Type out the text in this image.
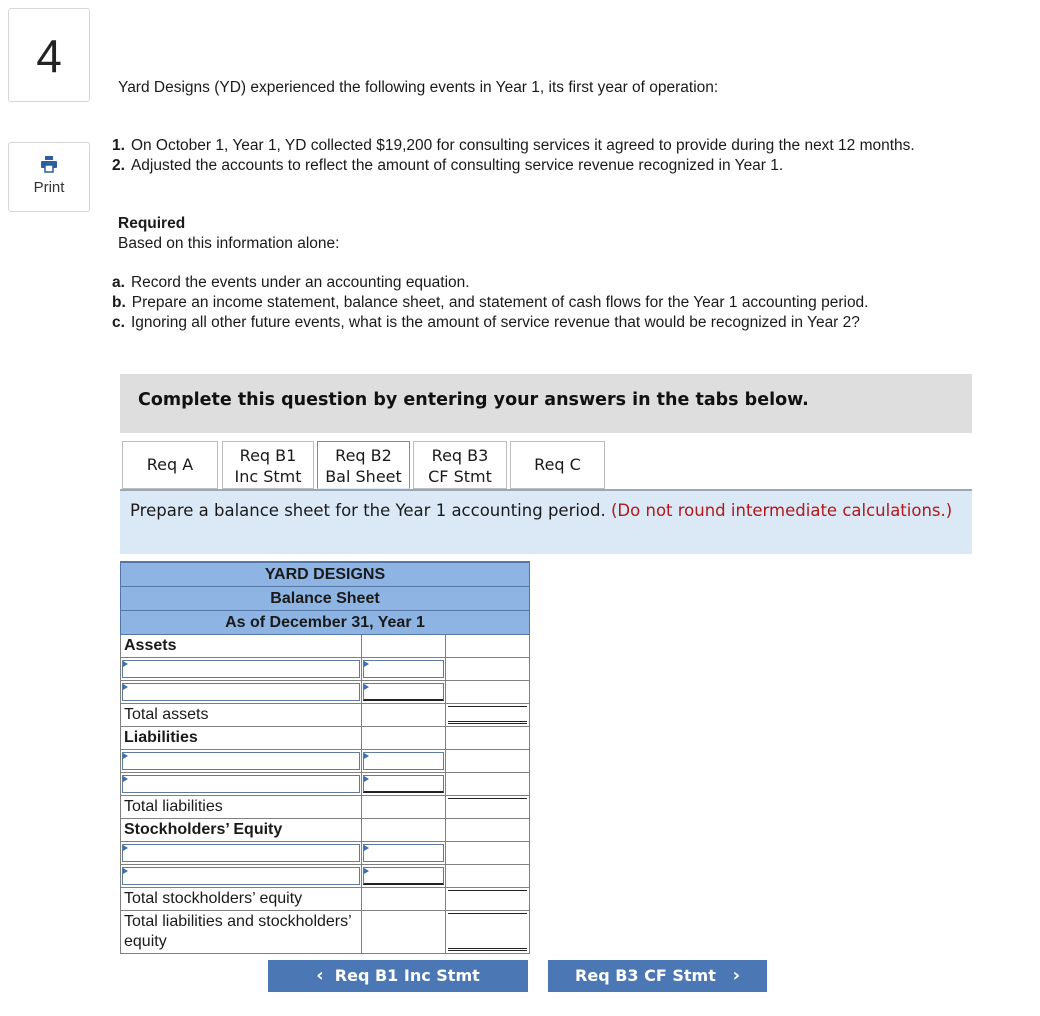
4
Print
Yard Designs (YD) experienced the following events in Year 1, its first year of operation:
1. On October 1, Year 1, YD collected $19,200 for consulting services it agreed to provide during the next 12 months.
2. Adjusted the accounts to reflect the amount of consulting service revenue recognized in Year 1.
Required
Based on this information alone:
a. Record the events under an accounting equation.
b. Prepare an income statement, balance sheet, and statement of cash flows for the Year 1 accounting period.
c. Ignoring all other future events, what is the amount of service revenue that would be recognized in Year 2?
Complete this question by entering your answers in the tabs below.
Req A	Req B1
Inc Stmt
Req B2
Bal Sheet
Req B3
CF Stmt
Req C
Prepare a balance sheet for the Year 1 accounting period. (Do not round intermediate calculations.)
YARD DESIGNS
Balance Sheet
As of December 31, Year 1
Assets
Total assets
Liabilities
Total liabilities
Stockholders’ Equity
Total stockholders’ equity
Total liabilities and stockholders’ equity
‹ Req B1 Inc Stmt	Req B3 CF Stmt ›
